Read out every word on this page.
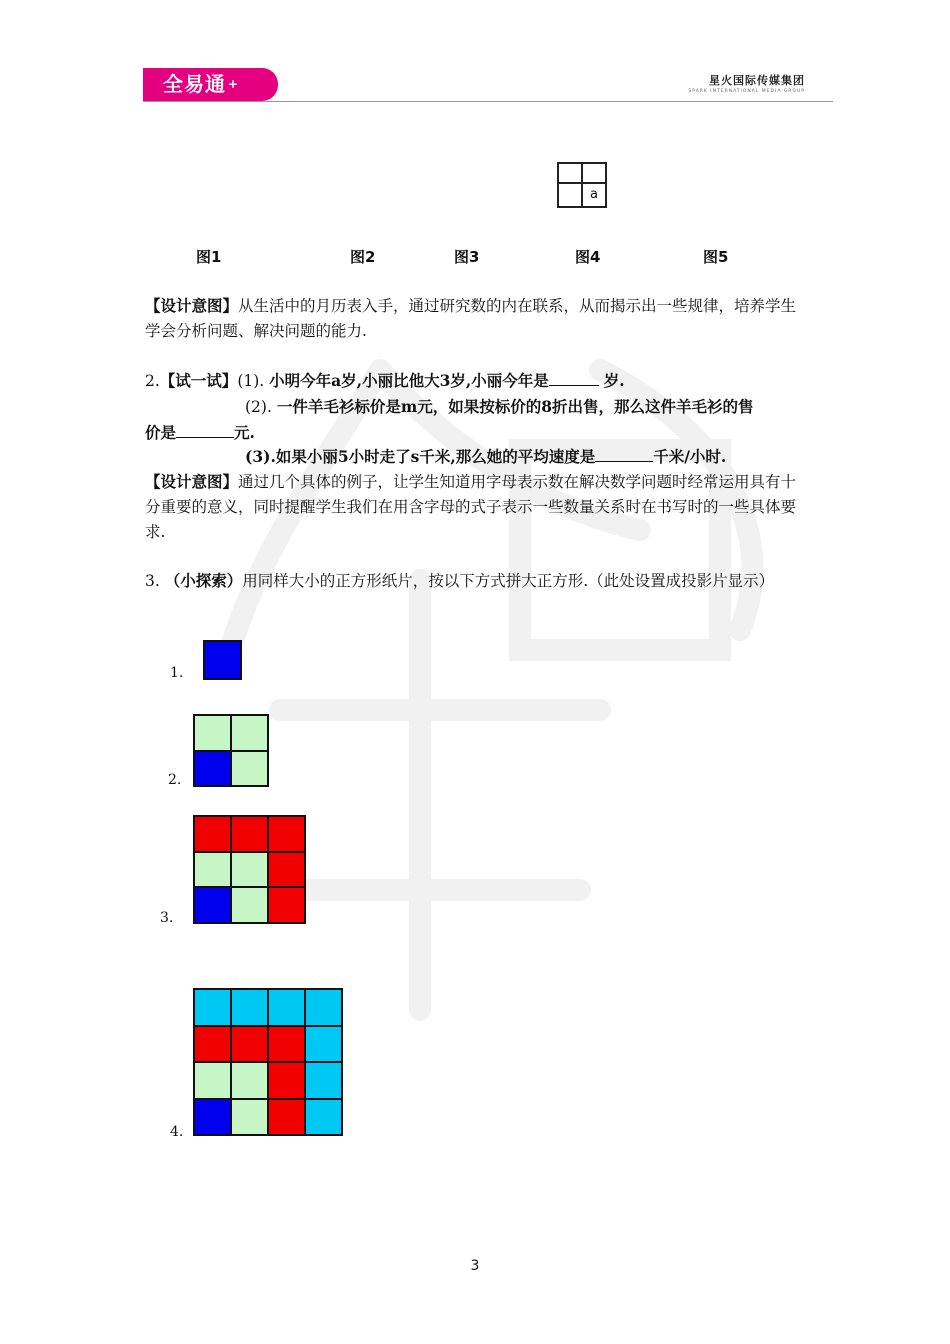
全易通 +	星火国际传媒集团
SPARK INTERNATIONAL MEDIA GROUP
a
图1	图2	图3	图4	图5
【设计意图】从生活中的月历表入手，通过研究数的内在联系，从而揭示出一些规律，培养学生学会分析问题、解决问题的能力.
2.【试一试】(1). 小明今年a岁,小丽比他大3岁,小丽今年是	岁.
(2). 一件羊毛衫标价是m元，如果按标价的8折出售，那么这件羊毛衫的售
价是	元.
(3).如果小丽5小时走了s千米,那么她的平均速度是	千米/小时.
【设计意图】通过几个具体的例子，让学生知道用字母表示数在解决数学问题时经常运用具有十分重要的意义，同时提醒学生我们在用含字母的式子表示一些数量关系时在书写时的一些具体要求.
3. （小探索）用同样大小的正方形纸片，按以下方式拼大正方形.（此处设置成投影片显示）
1.
2.
3.
4.
3
